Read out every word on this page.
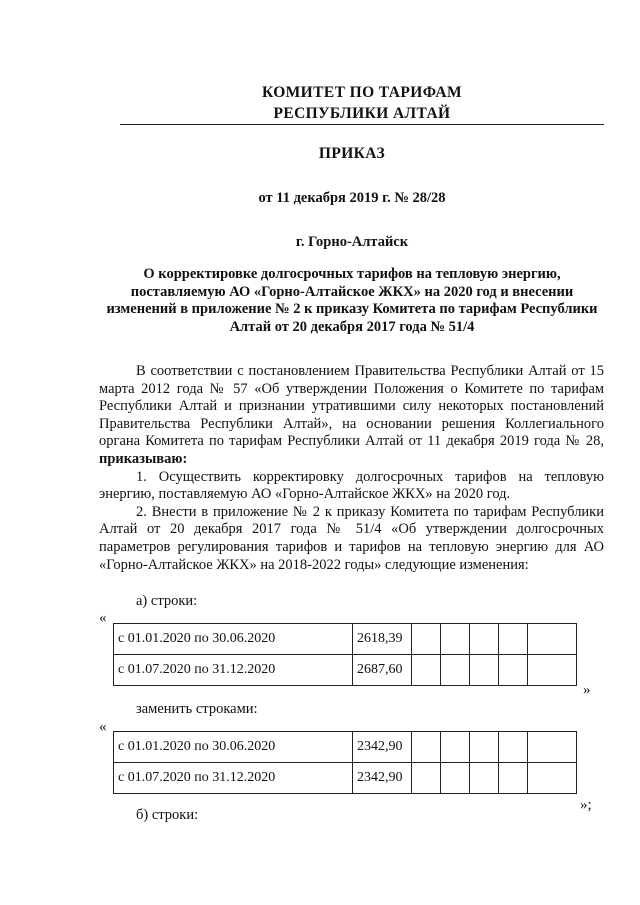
КОМИТЕТ ПО ТАРИФАМ
РЕСПУБЛИКИ АЛТАЙ
ПРИКАЗ
от 11 декабря 2019 г. № 28/28
г. Горно-Алтайск
О корректировке долгосрочных тарифов на тепловую энергию, поставляемую АО «Горно-Алтайское ЖКХ» на 2020 год и внесении изменений в приложение № 2 к приказу Комитета по тарифам Республики Алтай от 20 декабря 2017 года № 51/4

В соответствии с постановлением Правительства Республики Алтай от 15 марта 2012 года № 57 «Об утверждении Положения о Комитете по тарифам Республики Алтай и признании утратившими силу некоторых постановлений Правительства Республики Алтай», на основании решения Коллегиального органа Комитета по тарифам Республики Алтай от 11 декабря 2019 года № 28, приказываю:

1. Осуществить корректировку долгосрочных тарифов на тепловую энергию, поставляемую АО «Горно-Алтайское ЖКХ» на 2020 год.

2. Внести в приложение № 2 к приказу Комитета по тарифам Республики Алтай от 20 декабря 2017 года № 51/4 «Об утверждении долгосрочных параметров регулирования тарифов и тарифов на тепловую энергию для АО «Горно-Алтайское ЖКХ» на 2018-2022 годы» следующие изменения:

а) строки:
«
с 01.01.2020 по 30.06.2020	2618,39					
с 01.07.2020 по 31.12.2020	2687,60					
»
заменить строками:
«
с 01.01.2020 по 30.06.2020	2342,90					
с 01.07.2020 по 31.12.2020	2342,90					
»;
б) строки:
